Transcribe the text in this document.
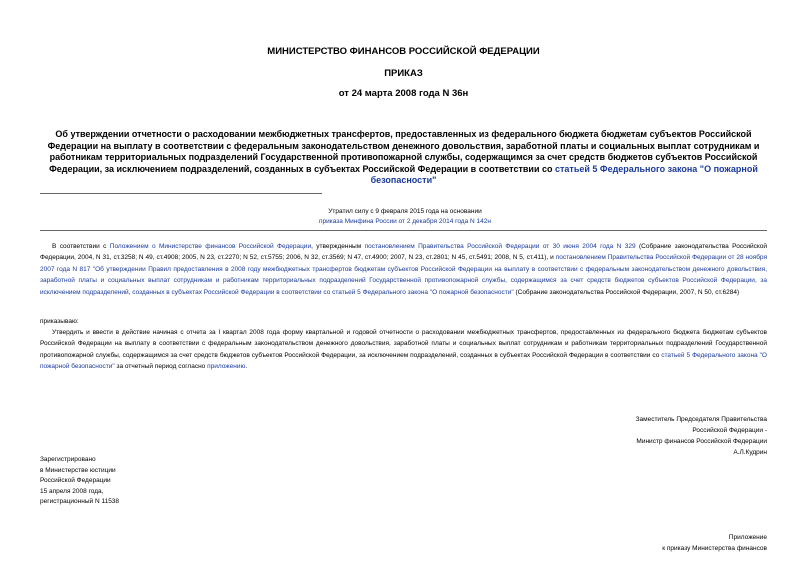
МИНИСТЕРСТВО ФИНАНСОВ РОССИЙСКОЙ ФЕДЕРАЦИИ
ПРИКАЗ
от 24 марта 2008 года N 36н
Об утверждении отчетности о расходовании межбюджетных трансфертов, предоставленных из федерального бюджета бюджетам субъектов Российской Федерации на выплату в соответствии с федеральным законодательством денежного довольствия, заработной платы и социальных выплат сотрудникам и работникам территориальных подразделений Государственной противопожарной службы, содержащимся за счет средств бюджетов субъектов Российской Федерации, за исключением подразделений, созданных в субъектах Российской Федерации в соответствии со статьей 5 Федерального закона "О пожарной безопасности"
Утратил силу с 9 февраля 2015 года на основании
приказа Минфина России от 2 декабря 2014 года N 142н
В соответствии с Положением о Министерстве финансов Российской Федерации, утвержденным постановлением Правительства Российской Федерации от 30 июня 2004 года N 329 (Собрание законодательства Российской Федерации, 2004, N 31, ст.3258; N 49, ст.4908; 2005, N 23, ст.2270; N 52, ст.5755; 2006, N 32, ст.3569; N 47, ст.4900; 2007, N 23, ст.2801; N 45, ст.5491; 2008, N 5, ст.411), и постановлением Правительства Российской Федерации от 28 ноября 2007 года N 817 "Об утверждении Правил предоставления в 2008 году межбюджетных трансфертов бюджетам субъектов Российской Федерации на выплату в соответствии с федеральным законодательством денежного довольствия, заработной платы и социальных выплат сотрудникам и работникам территориальных подразделений Государственной противопожарной службы, содержащимся за счет средств бюджетов субъектов Российской Федерации, за исключением подразделений, созданных в субъектах Российской Федерации в соответствии со статьей 5 Федерального закона "О пожарной безопасности" (Собрание законодательства Российской Федерации, 2007, N 50, ст.6284)
приказываю:
Утвердить и ввести в действие начиная с отчета за I квартал 2008 года форму квартальной и годовой отчетности о расходовании межбюджетных трансфертов, предоставленных из федерального бюджета бюджетам субъектов Российской Федерации на выплату в соответствии с федеральным законодательством денежного довольствия, заработной платы и социальных выплат сотрудникам и работникам территориальных подразделений Государственной противопожарной службы, содержащимся за счет средств бюджетов субъектов Российской Федерации, за исключением подразделений, созданных в субъектах Российской Федерации в соответствии со статьей 5 Федерального закона "О пожарной безопасности" за отчетный период согласно приложению.
Заместитель Председателя Правительства
Российской Федерации -
Министр финансов Российской Федерации
А.Л.Кудрин
Зарегистрировано
в Министерстве юстиции
Российской Федерации
15 апреля 2008 года,
регистрационный N 11538
Приложение
к приказу Министерства финансов
